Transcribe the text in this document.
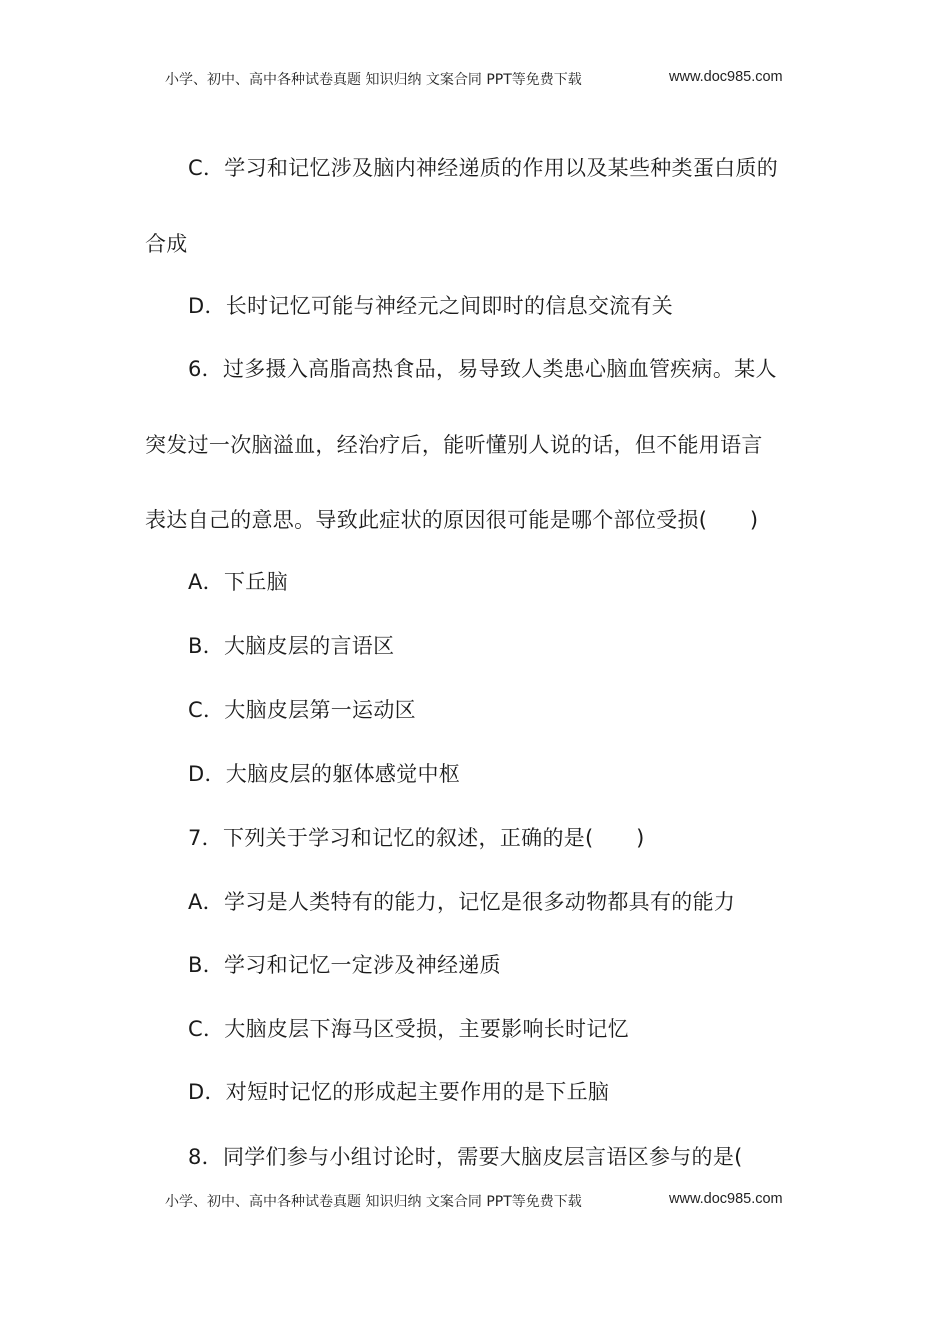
小学、初中、高中各种试卷真题 知识归纳 文案合同 PPT等免费下载	www.doc985.com
C．学习和记忆涉及脑内神经递质的作用以及某些种类蛋白质的
合成
D．长时记忆可能与神经元之间即时的信息交流有关
6．过多摄入高脂高热食品，易导致人类患心脑血管疾病。某人
突发过一次脑溢血，经治疗后，能听懂别人说的话，但不能用语言
表达自己的意思。导致此症状的原因很可能是哪个部位受损(　　)
A．下丘脑
B．大脑皮层的言语区
C．大脑皮层第一运动区
D．大脑皮层的躯体感觉中枢
7．下列关于学习和记忆的叙述，正确的是(　　)
A．学习是人类特有的能力，记忆是很多动物都具有的能力
B．学习和记忆一定涉及神经递质
C．大脑皮层下海马区受损，主要影响长时记忆
D．对短时记忆的形成起主要作用的是下丘脑
8．同学们参与小组讨论时，需要大脑皮层言语区参与的是(
小学、初中、高中各种试卷真题 知识归纳 文案合同 PPT等免费下载	www.doc985.com
